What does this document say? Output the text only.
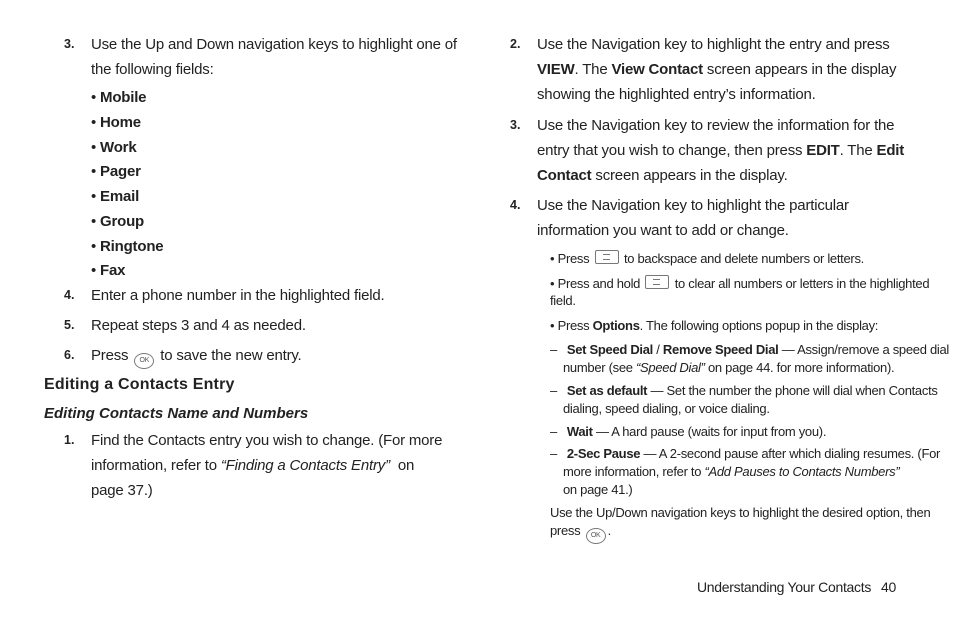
3. Use the Up and Down navigation keys to highlight one of
the following fields:
• Mobile
• Home
• Work
• Pager
• Email
• Group
• Ringtone
• Fax
4. Enter a phone number in the highlighted field.
5. Repeat steps 3 and 4 as needed.
6. Press OK to save the new entry.
Editing a Contacts Entry
Editing Contacts Name and Numbers
1. Find the Contacts entry you wish to change. (For more
information, refer to “Finding a Contacts Entry” on
page 37.)
2. Use the Navigation key to highlight the entry and press
VIEW. The View Contact screen appears in the display
showing the highlighted entry’s information.
3. Use the Navigation key to review the information for the
entry that you wish to change, then press EDIT. The Edit
Contact screen appears in the display.
4. Use the Navigation key to highlight the particular
information you want to add or change.
• Press	to backspace and delete numbers or letters.
• Press and hold	to clear all numbers or letters in the highlighted
field.
• Press Options. The following options popup in the display:
– Set Speed Dial / Remove Speed Dial — Assign/remove a speed dial
number (see “Speed Dial” on page 44. for more information).
– Set as default — Set the number the phone will dial when Contacts
dialing, speed dialing, or voice dialing.
– Wait — A hard pause (waits for input from you).
– 2-Sec Pause — A 2-second pause after which dialing resumes. (For
more information, refer to “Add Pauses to Contacts Numbers”
on page 41.)
Use the Up/Down navigation keys to highlight the desired option, then
press OK .
Understanding Your Contacts 40
